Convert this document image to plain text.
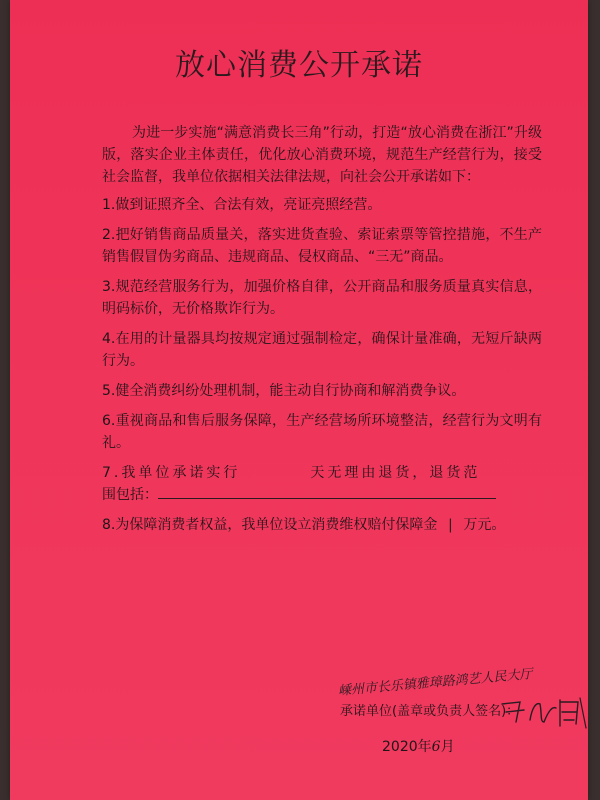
放心消费公开承诺

为进一步实施“满意消费长三角”行动，打造“放心消费在浙江”升级版，落实企业主体责任，优化放心消费环境，规范生产经营行为，接受社会监督，我单位依据相关法律法规，向社会公开承诺如下：

1.做到证照齐全、合法有效，亮证亮照经营。

2.把好销售商品质量关，落实进货查验、索证索票等管控措施，不生产销售假冒伪劣商品、违规商品、侵权商品、“三无”商品。

3.规范经营服务行为，加强价格自律，公开商品和服务质量真实信息，明码标价，无价格欺诈行为。

4.在用的计量器具均按规定通过强制检定，确保计量准确，无短斤缺两行为。

5.健全消费纠纷处理机制，能主动自行协商和解消费争议。

6.重视商品和售后服务保障，生产经营场所环境整洁，经营行为文明有礼。

7.我单位承诺实行	天无理由退货，退货范

围包括：

8.为保障消费者权益，我单位设立消费维权赔付保障金 | 万元。

嵊州市长乐镇雅璋路鸿艺人民大厅
承诺单位(盖章或负责人签名)：
2020年6月
